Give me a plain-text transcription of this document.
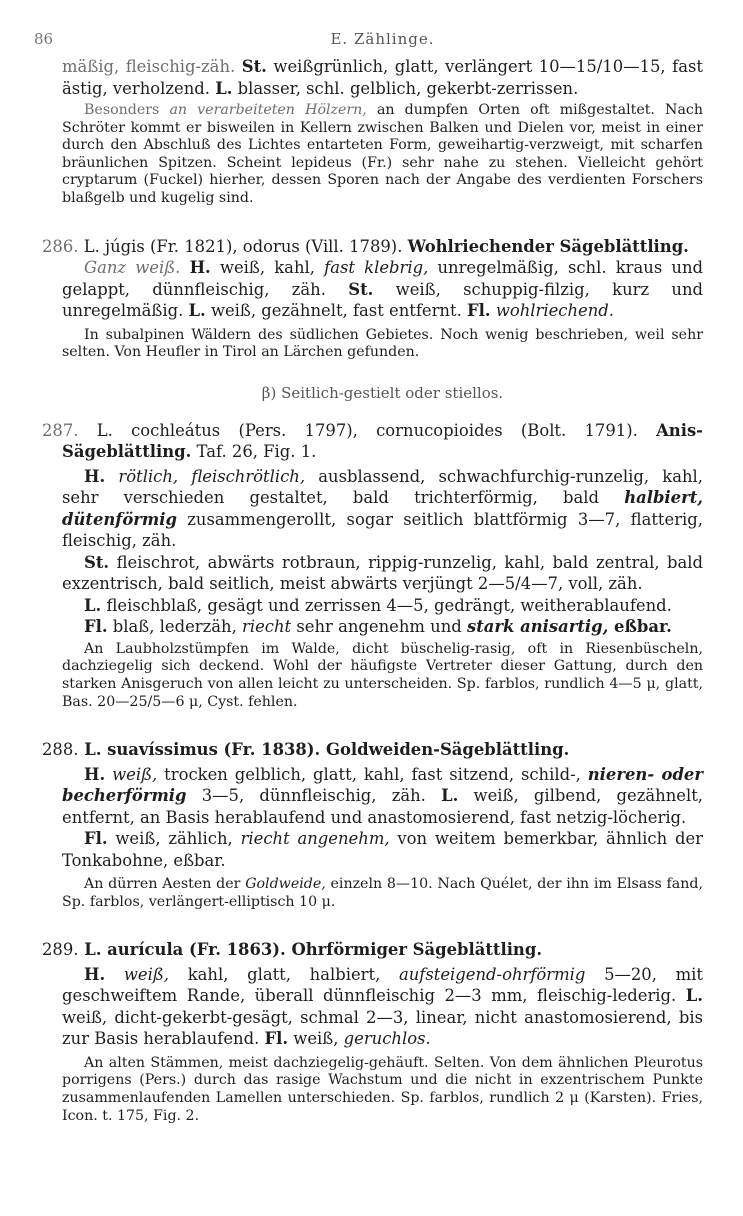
86	E. Zählinge.

mäßig, fleischig-zäh. St. weißgrünlich, glatt, verlängert 10—15/10—15, fast ästig, verholzend. L. blasser, schl. gelblich, gekerbt-zerrissen.

Besonders an verarbeiteten Hölzern, an dumpfen Orten oft mißgestaltet. Nach Schröter kommt er bisweilen in Kellern zwischen Balken und Dielen vor, meist in einer durch den Abschluß des Lichtes entarteten Form, geweihartig-verzweigt, mit scharfen bräunlichen Spitzen. Scheint lepideus (Fr.) sehr nahe zu stehen. Vielleicht gehört cryptarum (Fuckel) hierher, dessen Sporen nach der Angabe des verdienten Forschers blaßgelb und kugelig sind.

286. L. júgis (Fr. 1821), odorus (Vill. 1789). Wohlriechender Sägeblättling.

Ganz weiß. H. weiß, kahl, fast klebrig, unregelmäßig, schl. kraus und gelappt, dünnfleischig, zäh. St. weiß, schuppig-filzig, kurz und unregelmäßig. L. weiß, gezähnelt, fast entfernt. Fl. wohlriechend.

In subalpinen Wäldern des südlichen Gebietes. Noch wenig beschrieben, weil sehr selten. Von Heufler in Tirol an Lärchen gefunden.

β) Seitlich-gestielt oder stiellos.

287. L. cochleátus (Pers. 1797), cornucopioides (Bolt. 1791). Anis-Sägeblättling. Taf. 26, Fig. 1.

H. rötlich, fleischrötlich, ausblassend, schwachfurchig-runzelig, kahl, sehr verschieden gestaltet, bald trichterförmig, bald halbiert, dütenförmig zusammengerollt, sogar seitlich blattförmig 3—7, flatterig, fleischig, zäh.
St. fleischrot, abwärts rotbraun, rippig-runzelig, kahl, bald zentral, bald exzentrisch, bald seitlich, meist abwärts verjüngt 2—5/4—7, voll, zäh.
L. fleischblaß, gesägt und zerrissen 4—5, gedrängt, weitherablaufend.
Fl. blaß, lederzäh, riecht sehr angenehm und stark anisartig, eßbar.

An Laubholzstümpfen im Walde, dicht büschelig-rasig, oft in Riesenbüscheln, dachziegelig sich deckend. Wohl der häufigste Vertreter dieser Gattung, durch den starken Anisgeruch von allen leicht zu unterscheiden. Sp. farblos, rundlich 4—5 μ, glatt, Bas. 20—25/5—6 μ, Cyst. fehlen.

288. L. suavíssimus (Fr. 1838). Goldweiden-Sägeblättling.

H. weiß, trocken gelblich, glatt, kahl, fast sitzend, schild-, nieren- oder becherförmig 3—5, dünnfleischig, zäh. L. weiß, gilbend, gezähnelt, entfernt, an Basis herablaufend und anastomosierend, fast netzig-löcherig.
Fl. weiß, zählich, riecht angenehm, von weitem bemerkbar, ähnlich der Tonkabohne, eßbar.

An dürren Aesten der Goldweide, einzeln 8—10. Nach Quélet, der ihn im Elsass fand, Sp. farblos, verlängert-elliptisch 10 μ.

289. L. aurícula (Fr. 1863). Ohrförmiger Sägeblättling.

H. weiß, kahl, glatt, halbiert, aufsteigend-ohrförmig 5—20, mit geschweiftem Rande, überall dünnfleischig 2—3 mm, fleischig-lederig. L. weiß, dicht-gekerbt-gesägt, schmal 2—3, linear, nicht anastomosierend, bis zur Basis herablaufend. Fl. weiß, geruchlos.

An alten Stämmen, meist dachziegelig-gehäuft. Selten. Von dem ähnlichen Pleurotus porrigens (Pers.) durch das rasige Wachstum und die nicht in exzentrischem Punkte zusammenlaufenden Lamellen unterschieden. Sp. farblos, rundlich 2 μ (Karsten). Fries, Icon. t. 175, Fig. 2.
